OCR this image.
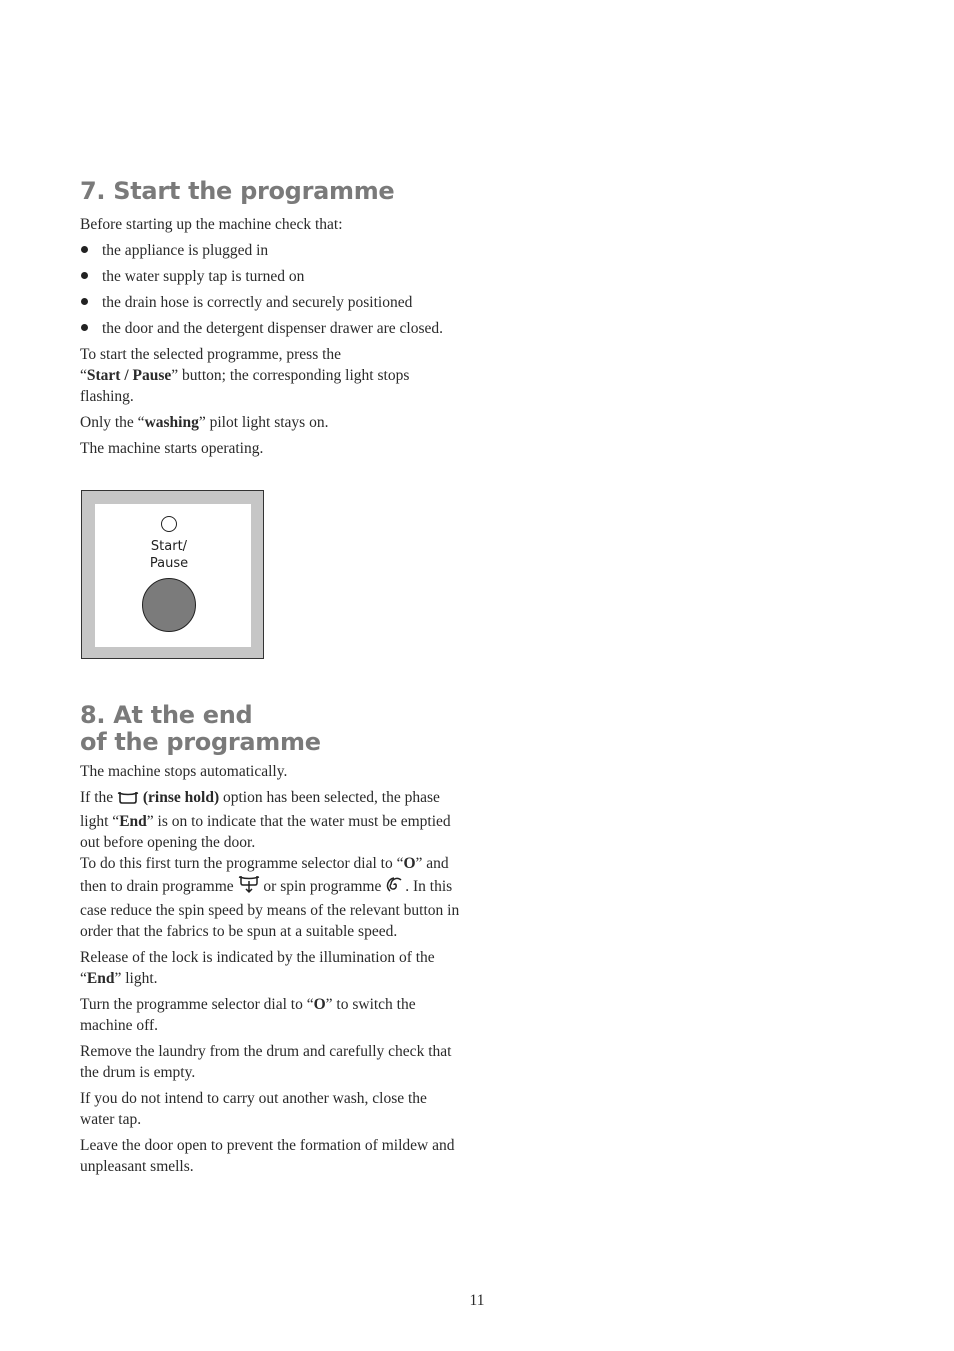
7. Start the programme

Before starting up the machine check that:

the appliance is plugged in
the water supply tap is turned on
the drain hose is correctly and securely positioned
the door and the detergent dispenser drawer are closed.

To start the selected programme, press the
“Start / Pause” button; the corresponding light stops flashing.

Only the “washing” pilot light stays on.

The machine starts operating.

Start/
Pause
8. At the end
of the programme

The machine stops automatically.

If the (rinse hold) option has been selected, the phase light “End” is on to indicate that the water must be emptied out before opening the door.

To do this first turn the programme selector dial to “O” and then to drain programme  or spin programme . In this case reduce the spin speed by means of the relevant button in order that the fabrics to be spun at a suitable speed.

Release of the lock is indicated by the illumination of the “End” light.

Turn the programme selector dial to “O” to switch the machine off.

Remove the laundry from the drum and carefully check that the drum is empty.

If you do not intend to carry out another wash, close the water tap.

Leave the door open to prevent the formation of mildew and unpleasant smells.

11
